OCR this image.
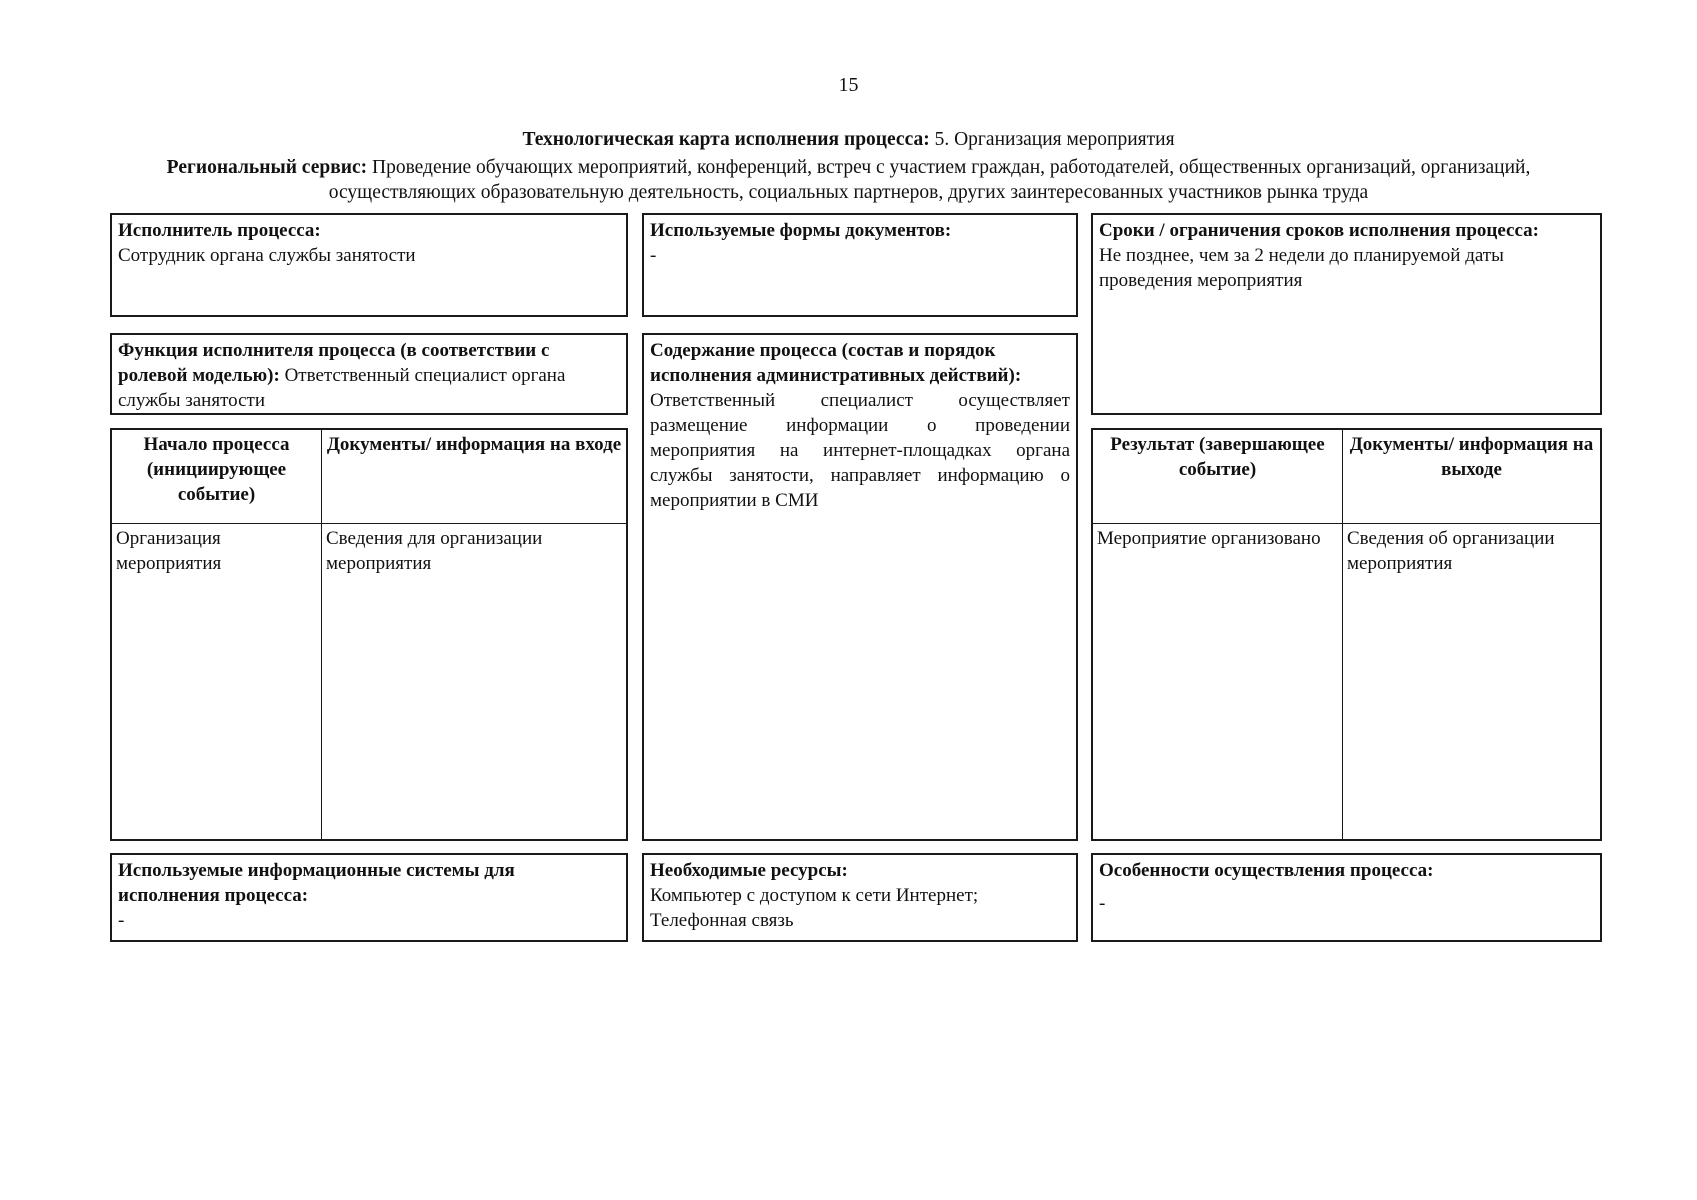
15
Технологическая карта исполнения процесса: 5. Организация мероприятия
Региональный сервис: Проведение обучающих мероприятий, конференций, встреч с участием граждан, работодателей, общественных организаций, организаций, осуществляющих образовательную деятельность, социальных партнеров, других заинтересованных участников рынка труда
Исполнитель процесса:
Сотрудник органа службы занятости
Используемые формы документов:
-
Сроки / ограничения сроков исполнения процесса:
Не позднее, чем за 2 недели до планируемой даты проведения мероприятия
Функция исполнителя процесса (в соответствии с ролевой моделью): Ответственный специалист органа службы занятости
Содержание процесса (состав и порядок исполнения административных действий):
Ответственный специалист осуществляет размещение информации о проведении мероприятия на интернет-площадках органа службы занятости, направляет информацию о мероприятии в СМИ
Начало процесса (инициирующее событие)
Документы/ информация на входе
Организация мероприятия
Сведения для организации мероприятия
Результат (завершающее событие)
Документы/ информация на выходе
Мероприятие организовано	Сведения об организации мероприятия
Используемые информационные системы для исполнения процесса:
-
Необходимые ресурсы:
Компьютер с доступом к сети Интернет;
Телефонная связь
Особенности осуществления процесса:
-
